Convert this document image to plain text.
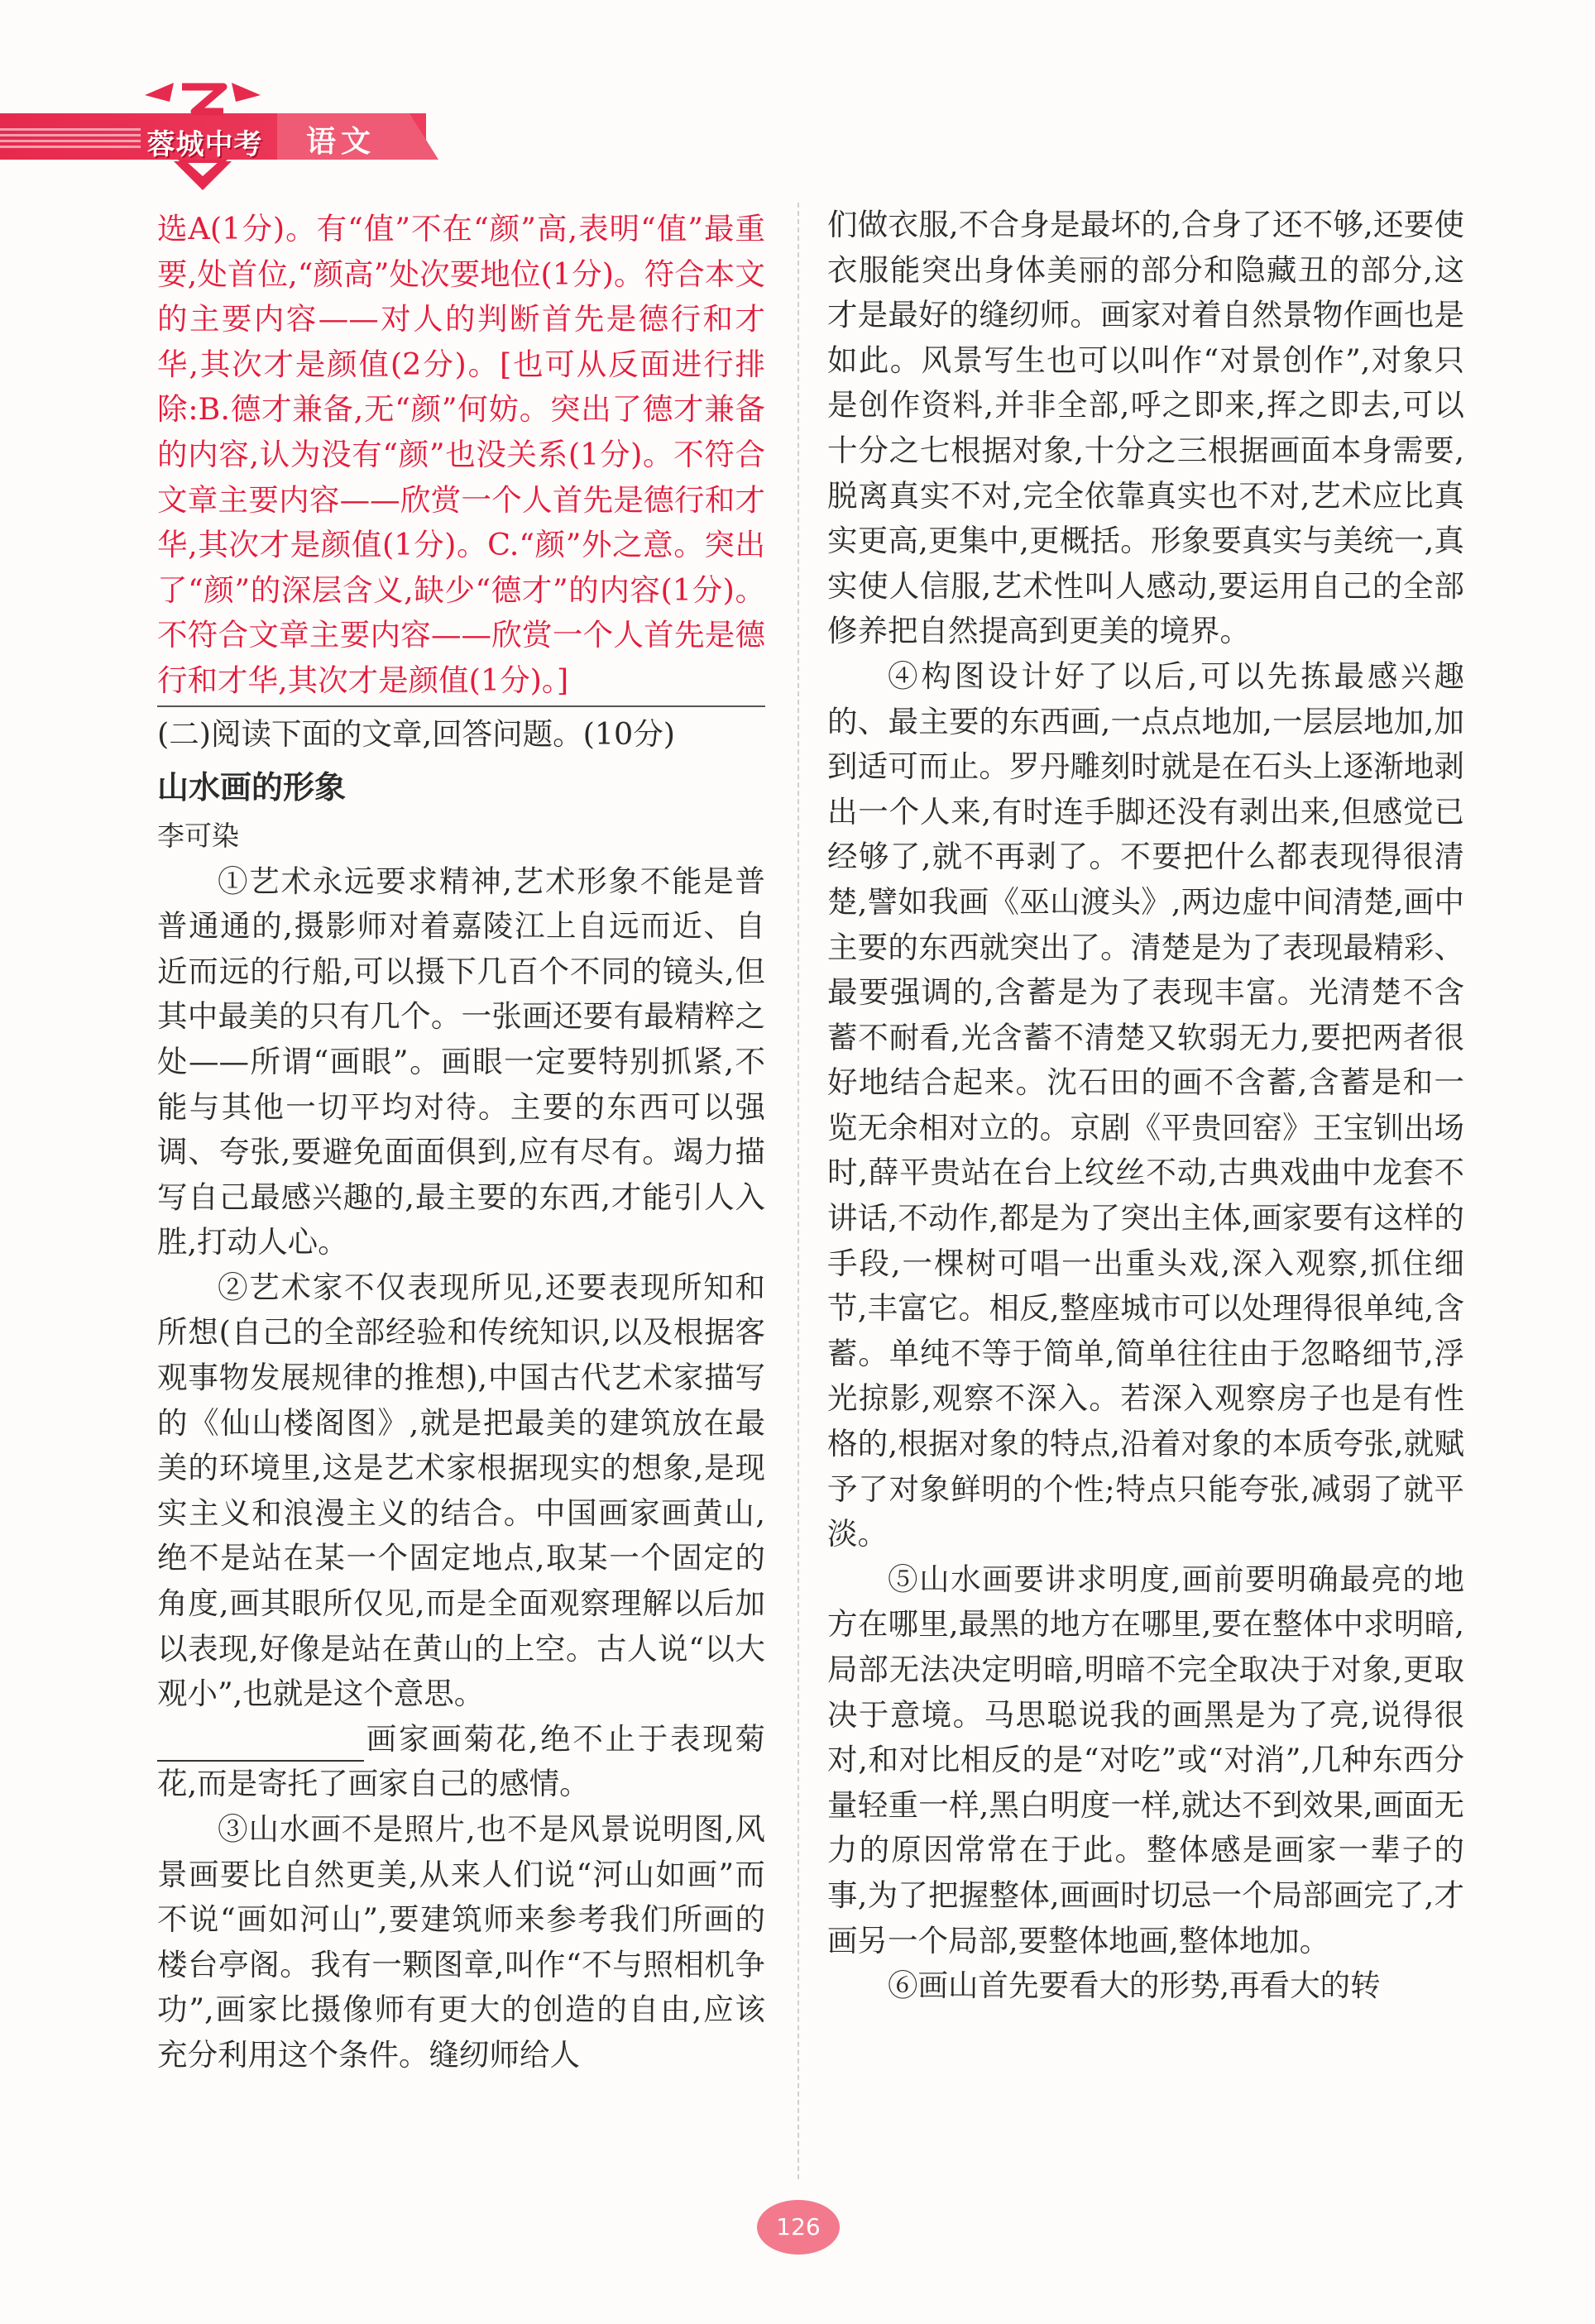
蓉城中考	语文

选A(1分)。有“值”不在“颜”高,表明“值”最重要,处首位,“颜高”处次要地位(1分)。符合本文的主要内容——对人的判断首先是德行和才华,其次才是颜值(2分)。[也可从反面进行排除:B.德才兼备,无“颜”何妨。突出了德才兼备的内容,认为没有“颜”也没关系(1分)。不符合文章主要内容——欣赏一个人首先是德行和才华,其次才是颜值(1分)。C.“颜”外之意。突出了“颜”的深层含义,缺少“德才”的内容(1分)。不符合文章主要内容——欣赏一个人首先是德行和才华,其次才是颜值(1分)。]

(二)阅读下面的文章,回答问题。(10分)

山水画的形象

李可染

①艺术永远要求精神,艺术形象不能是普普通通的,摄影师对着嘉陵江上自远而近、自近而远的行船,可以摄下几百个不同的镜头,但其中最美的只有几个。一张画还要有最精粹之处——所谓“画眼”。画眼一定要特别抓紧,不能与其他一切平均对待。主要的东西可以强调、夸张,要避免面面俱到,应有尽有。竭力描写自己最感兴趣的,最主要的东西,才能引人入胜,打动人心。

②艺术家不仅表现所见,还要表现所知和所想(自己的全部经验和传统知识,以及根据客观事物发展规律的推想),中国古代艺术家描写的《仙山楼阁图》,就是把最美的建筑放在最美的环境里,这是艺术家根据现实的想象,是现实主义和浪漫主义的结合。中国画家画黄山,绝不是站在某一个固定地点,取某一个固定的角度,画其眼所仅见,而是全面观察理解以后加以表现,好像是站在黄山的上空。古人说“以大观小”,也就是这个意思。

画家画菊花,绝不止于表现菊花,而是寄托了画家自己的感情。

③山水画不是照片,也不是风景说明图,风景画要比自然更美,从来人们说“河山如画”而不说“画如河山”,要建筑师来参考我们所画的楼台亭阁。我有一颗图章,叫作“不与照相机争功”,画家比摄像师有更大的创造的自由,应该充分利用这个条件。缝纫师给人

们做衣服,不合身是最坏的,合身了还不够,还要使衣服能突出身体美丽的部分和隐藏丑的部分,这才是最好的缝纫师。画家对着自然景物作画也是如此。风景写生也可以叫作“对景创作”,对象只是创作资料,并非全部,呼之即来,挥之即去,可以十分之七根据对象,十分之三根据画面本身需要,脱离真实不对,完全依靠真实也不对,艺术应比真实更高,更集中,更概括。形象要真实与美统一,真实使人信服,艺术性叫人感动,要运用自己的全部修养把自然提高到更美的境界。

④构图设计好了以后,可以先拣最感兴趣的、最主要的东西画,一点点地加,一层层地加,加到适可而止。罗丹雕刻时就是在石头上逐渐地剥出一个人来,有时连手脚还没有剥出来,但感觉已经够了,就不再剥了。不要把什么都表现得很清楚,譬如我画《巫山渡头》,两边虚中间清楚,画中主要的东西就突出了。清楚是为了表现最精彩、最要强调的,含蓄是为了表现丰富。光清楚不含蓄不耐看,光含蓄不清楚又软弱无力,要把两者很好地结合起来。沈石田的画不含蓄,含蓄是和一览无余相对立的。京剧《平贵回窑》王宝钏出场时,薛平贵站在台上纹丝不动,古典戏曲中龙套不讲话,不动作,都是为了突出主体,画家要有这样的手段,一棵树可唱一出重头戏,深入观察,抓住细节,丰富它。相反,整座城市可以处理得很单纯,含蓄。单纯不等于简单,简单往往由于忽略细节,浮光掠影,观察不深入。若深入观察房子也是有性格的,根据对象的特点,沿着对象的本质夸张,就赋予了对象鲜明的个性;特点只能夸张,减弱了就平淡。

⑤山水画要讲求明度,画前要明确最亮的地方在哪里,最黑的地方在哪里,要在整体中求明暗,局部无法决定明暗,明暗不完全取决于对象,更取决于意境。马思聪说我的画黑是为了亮,说得很对,和对比相反的是“对吃”或“对消”,几种东西分量轻重一样,黑白明度一样,就达不到效果,画面无力的原因常常在于此。整体感是画家一辈子的事,为了把握整体,画画时切忌一个局部画完了,才画另一个局部,要整体地画,整体地加。

⑥画山首先要看大的形势,再看大的转

126
